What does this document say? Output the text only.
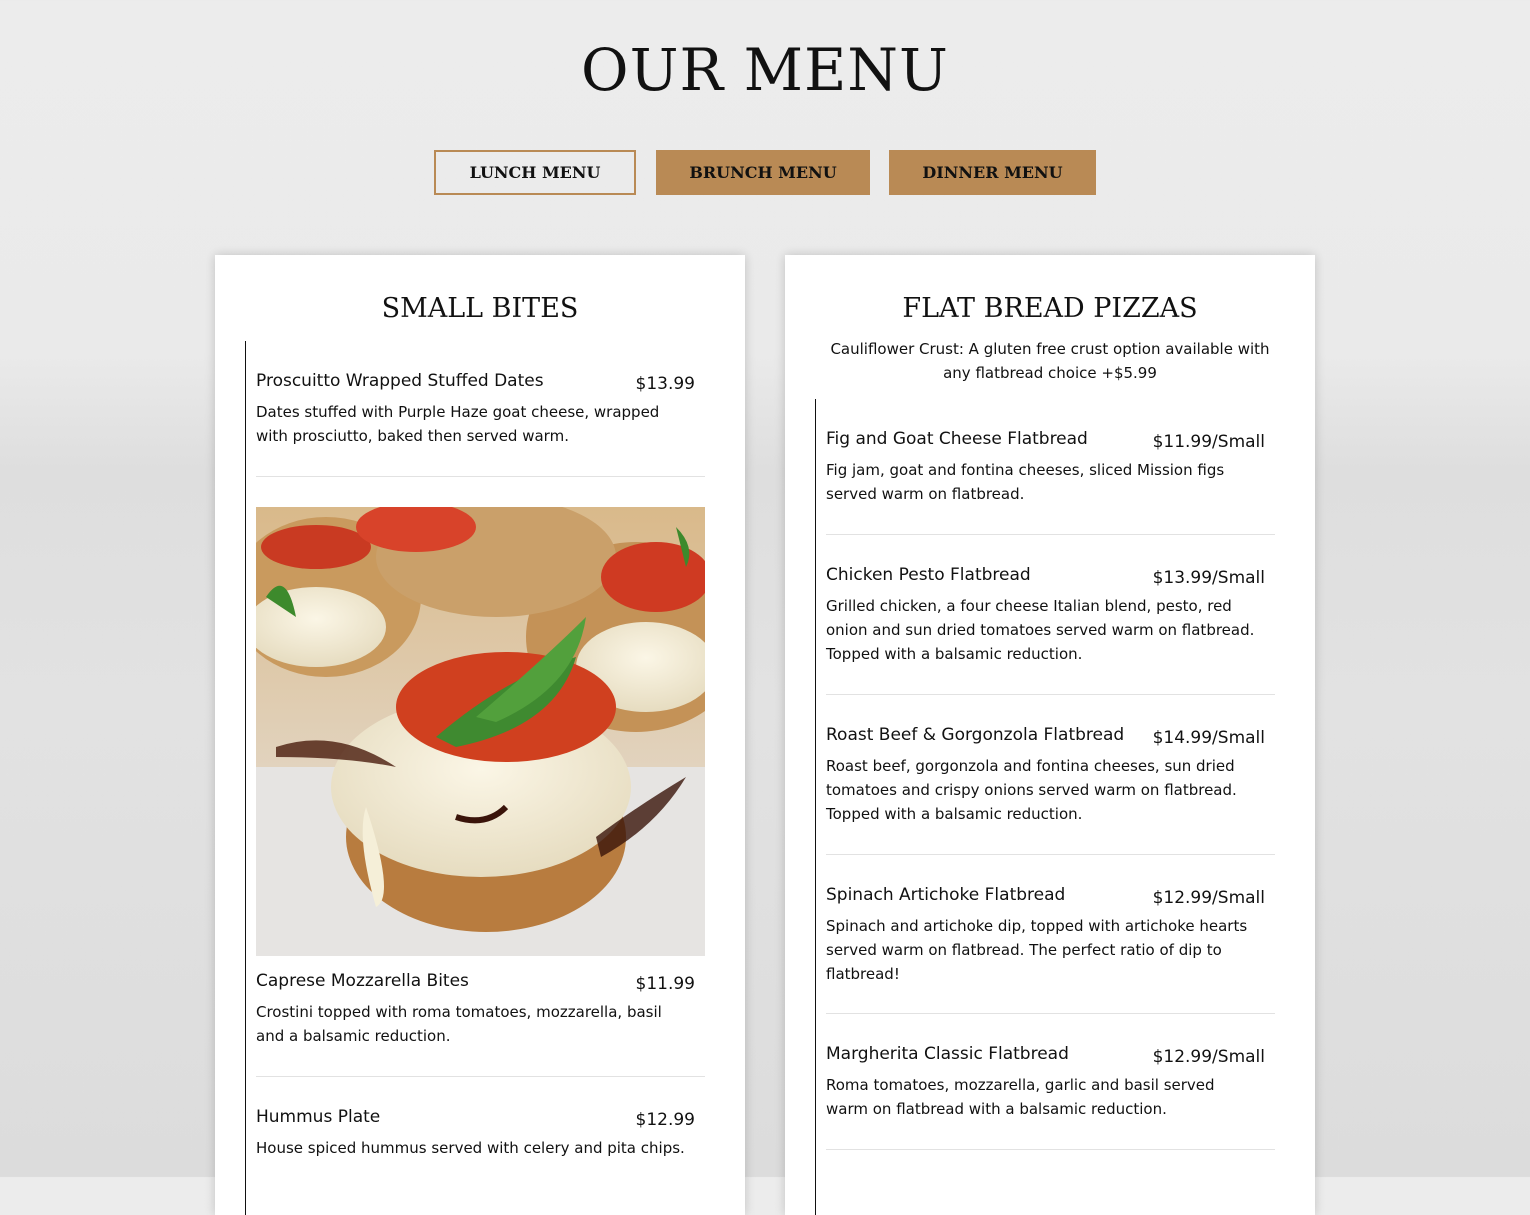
OUR MENU
LUNCH MENU	BRUNCH MENU	DINNER MENU
SMALL BITES
Proscuitto Wrapped Stuffed Dates	$13.99
Dates stuffed with Purple Haze goat cheese, wrapped with prosciutto, baked then served warm.
Caprese Mozzarella Bites	$11.99
Crostini topped with roma tomatoes, mozzarella, basil and a balsamic reduction.
Hummus Plate	$12.99
House spiced hummus served with celery and pita chips.
FLAT BREAD PIZZAS
Cauliflower Crust: A gluten free crust option available with any flatbread choice +$5.99
Fig and Goat Cheese Flatbread	$11.99/Small
Fig jam, goat and fontina cheeses, sliced Mission figs served warm on flatbread.
Chicken Pesto Flatbread	$13.99/Small
Grilled chicken, a four cheese Italian blend, pesto, red onion and sun dried tomatoes served warm on flatbread. Topped with a balsamic reduction.
Roast Beef & Gorgonzola Flatbread $14.99/Small
Roast beef, gorgonzola and fontina cheeses, sun dried tomatoes and crispy onions served warm on flatbread. Topped with a balsamic reduction.
Spinach Artichoke Flatbread	$12.99/Small
Spinach and artichoke dip, topped with artichoke hearts served warm on flatbread. The perfect ratio of dip to flatbread!
Margherita Classic Flatbread	$12.99/Small
Roma tomatoes, mozzarella, garlic and basil served warm on flatbread with a balsamic reduction.
